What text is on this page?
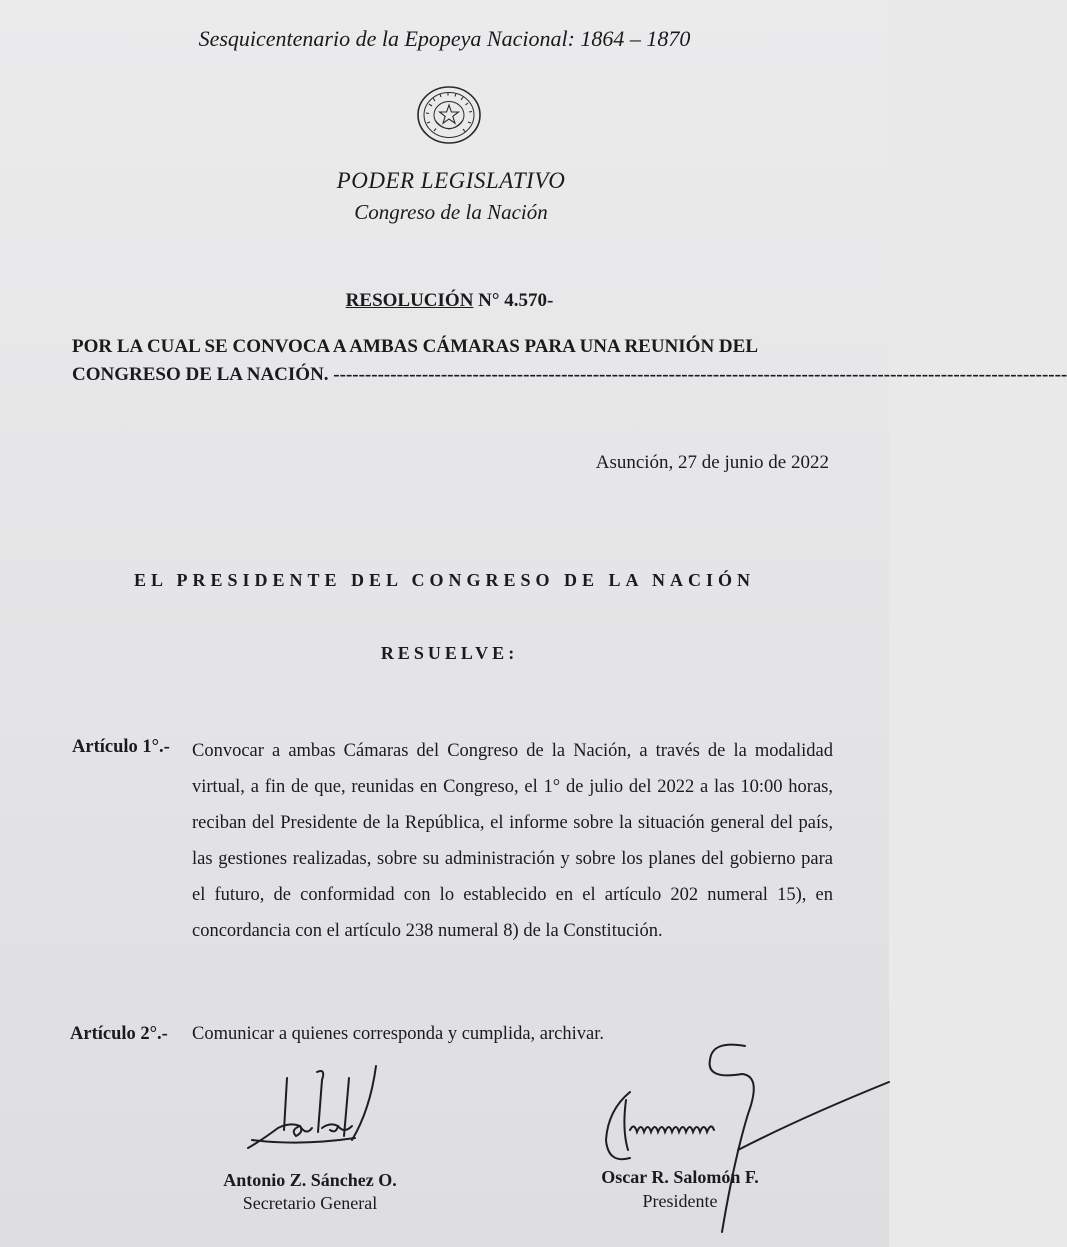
Sesquicentenario de la Epopeya Nacional: 1864 – 1870
PODER LEGISLATIVO
Congreso de la Nación
RESOLUCIÓN N° 4.570-
POR LA CUAL SE CONVOCA A AMBAS CÁMARAS PARA UNA REUNIÓN DEL
CONGRESO DE LA NACIÓN. --------------------------------------------------------------------------------------------------------------------
Asunción, 27 de junio de 2022
EL PRESIDENTE DEL CONGRESO DE LA NACIÓN
RESUELVE:
Artículo 1°.- Convocar a ambas Cámaras del Congreso de la Nación, a través de la modalidad virtual, a fin de que, reunidas en Congreso, el 1° de julio del 2022 a las 10:00 horas, reciban del Presidente de la República, el informe sobre la situación general del país, las gestiones realizadas, sobre su administración y sobre los planes del gobierno para el futuro, de conformidad con lo establecido en el artículo 202 numeral 15), en concordancia con el artículo 238 numeral 8) de la Constitución.
Artículo 2°.- Comunicar a quienes corresponda y cumplida, archivar.
Antonio Z. Sánchez O.
Secretario General
Oscar R. Salomón F.
Presidente
